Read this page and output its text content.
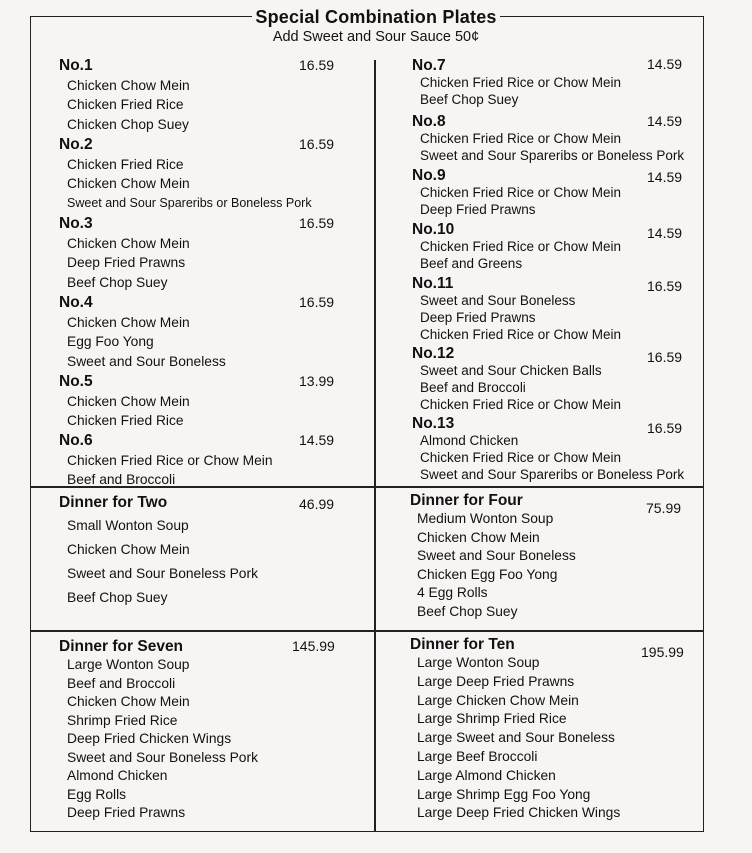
Special Combination Plates
Add Sweet and Sour Sauce 50¢
No.1	16.59
Chicken Chow Mein
Chicken Fried Rice
Chicken Chop Suey
No.2	16.59
Chicken Fried Rice
Chicken Chow Mein
Sweet and Sour Spareribs or Boneless Pork
No.3	16.59
Chicken Chow Mein
Deep Fried Prawns
Beef Chop Suey
No.4	16.59
Chicken Chow Mein
Egg Foo Yong
Sweet and Sour Boneless
No.5	13.99
Chicken Chow Mein
Chicken Fried Rice
No.6	14.59
Chicken Fried Rice or Chow Mein
Beef and Broccoli
No.7	14.59
Chicken Fried Rice or Chow Mein
Beef Chop Suey
No.8	14.59
Chicken Fried Rice or Chow Mein
Sweet and Sour Spareribs or Boneless Pork
No.9	14.59
Chicken Fried Rice or Chow Mein
Deep Fried Prawns
No.10	14.59
Chicken Fried Rice or Chow Mein
Beef and Greens
No.11	16.59
Sweet and Sour Boneless
Deep Fried Prawns
Chicken Fried Rice or Chow Mein
No.12	16.59
Sweet and Sour Chicken Balls
Beef and Broccoli
Chicken Fried Rice or Chow Mein
No.13	16.59
Almond Chicken
Chicken Fried Rice or Chow Mein
Sweet and Sour Spareribs or Boneless Pork
Dinner for Two	46.99
Small Wonton Soup
Chicken Chow Mein
Sweet and Sour Boneless Pork
Beef Chop Suey
Dinner for Four	75.99
Medium Wonton Soup
Chicken Chow Mein
Sweet and Sour Boneless
Chicken Egg Foo Yong
4 Egg Rolls
Beef Chop Suey
Dinner for Seven	145.99
Large Wonton Soup
Beef and Broccoli
Chicken Chow Mein
Shrimp Fried Rice
Deep Fried Chicken Wings
Sweet and Sour Boneless Pork
Almond Chicken
Egg Rolls
Deep Fried Prawns
Dinner for Ten	195.99
Large Wonton Soup
Large Deep Fried Prawns
Large Chicken Chow Mein
Large Shrimp Fried Rice
Large Sweet and Sour Boneless
Large Beef Broccoli
Large Almond Chicken
Large Shrimp Egg Foo Yong
Large Deep Fried Chicken Wings
